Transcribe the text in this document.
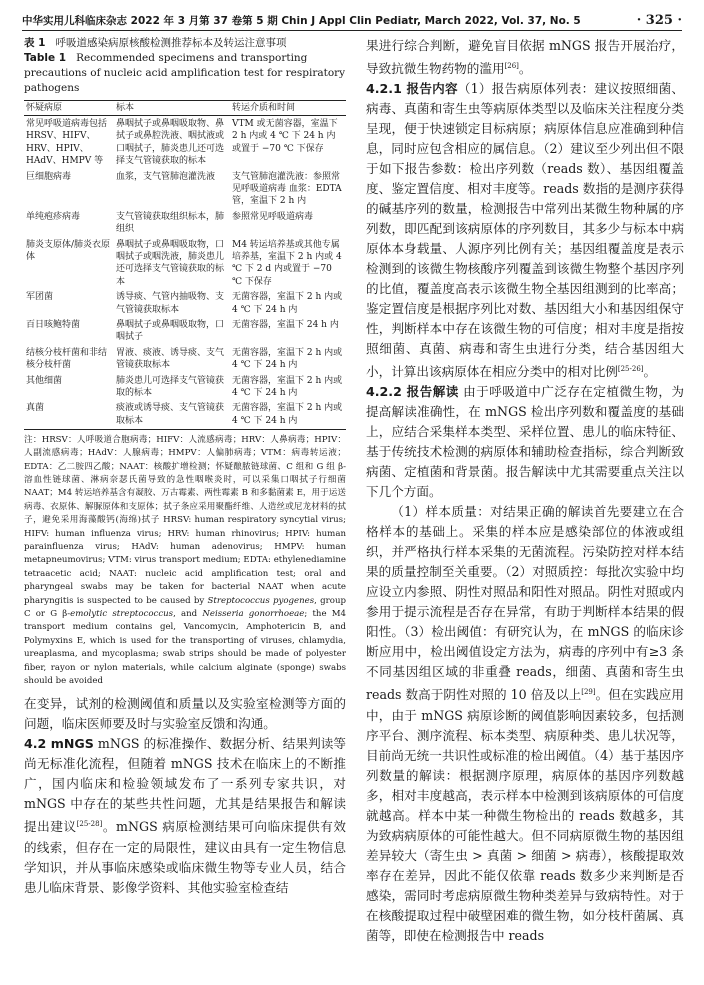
中华实用儿科临床杂志 2022 年 3 月第 37 卷第 5 期 Chin J Appl Clin Pediatr, March 2022, Vol. 37, No. 5	· 325 ·
表 1 呼吸道感染病原核酸检测推荐标本及转运注意事项
Table 1 Recommended specimens and transporting precautions of nucleic acid amplification test for respiratory pathogens
怀疑病原	标本	转运介质和时间
常见呼吸道病毒包括 HRSV、HIFV、HRV、HPIV、HAdV、HMPV 等	鼻咽拭子或鼻咽吸取物、鼻拭子或鼻腔洗液、咽拭液或口咽拭子，肺炎患儿还可选择支气管镜获取的标本	VTM 或无菌容器，室温下 2 h 内或 4 ℃ 下 24 h 内或置于 −70 ℃ 下保存
巨细胞病毒	血浆，支气管肺泡灌洗液	支气管肺泡灌洗液：参照常见呼吸道病毒 血浆：EDTA 管，室温下 2 h 内
单纯疱疹病毒	支气管镜获取组织标本，肺组织	参照常见呼吸道病毒
肺炎支原体/肺炎衣原体	鼻咽拭子或鼻咽吸取物，口咽拭子或咽洗液，肺炎患儿还可选择支气管镜获取的标本	M4 转运培养基或其他专属培养基，室温下 2 h 内或 4 ℃ 下 2 d 内或置于 −70 ℃ 下保存
军团菌	诱导痰、气管内抽吸物、支气管镜获取标本	无菌容器，室温下 2 h 内或 4 ℃ 下 24 h 内
百日咳鲍特菌	鼻咽拭子或鼻咽吸取物，口咽拭子	无菌容器，室温下 24 h 内
结核分枝杆菌和非结核分枝杆菌	胃液、痰液、诱导痰、支气管镜获取标本	无菌容器，室温下 2 h 内或 4 ℃ 下 24 h 内
其他细菌	肺炎患儿可选择支气管镜获取的标本	无菌容器，室温下 2 h 内或 4 ℃ 下 24 h 内
真菌	痰液或诱导痰、支气管镜获取标本	无菌容器，室温下 2 h 内或 4 ℃ 下 24 h 内
注：HRSV：人呼吸道合胞病毒；HIFV：人流感病毒；HRV：人鼻病毒；HPIV：人副流感病毒；HAdV：人腺病毒；HMPV：人偏肺病毒；VTM：病毒转运液；EDTA：乙二胺四乙酸；NAAT：核酸扩增检测；怀疑酿脓链球菌、C 组和 G 组 β-溶血性链球菌、淋病奈瑟氏菌导致的急性咽喉炎时，可以采集口咽拭子行细菌 NAAT；M4 转运培养基含有凝胶、万古霉素、两性霉素 B 和多黏菌素 E，用于运送病毒、衣原体、解脲原体和支原体；拭子条应采用聚酯纤维、人造丝或尼龙材料的拭子，避免采用海藻酸钙(海绵)拭子 HRSV: human respiratory syncytial virus; HIFV: human influenza virus; HRV: human rhinovirus; HPIV: human parainfluenza virus; HAdV: human adenovirus; HMPV: human metapneumovirus; VTM: virus transport medium; EDTA: ethylenediamine tetraacetic acid; NAAT: nucleic acid amplification test; oral and pharyngeal swabs may be taken for bacterial NAAT when acute pharyngitis is suspected to be caused by Streptococcus pyogenes, group C or G β-emolytic streptococcus, and Neisseria gonorrhoeae; the M4 transport medium contains gel, Vancomycin, Amphotericin B, and Polymyxins E, which is used for the transporting of viruses, chlamydia, ureaplasma, and mycoplasma; swab strips should be made of polyester fiber, rayon or nylon materials, while calcium alginate (sponge) swabs should be avoided

在变异，试剂的检测阈值和质量以及实验室检测等方面的问题，临床医师要及时与实验室反馈和沟通。

4.2 mNGS mNGS 的标准操作、数据分析、结果判读等尚无标准化流程，但随着 mNGS 技术在临床上的不断推广，国内临床和检验领域发布了一系列专家共识，对 mNGS 中存在的某些共性问题，尤其是结果报告和解读提出建议[25-28]。mNGS 病原检测结果可向临床提供有效的线索，但存在一定的局限性，建议由具有一定生物信息学知识，并从事临床感染或临床微生物等专业人员，结合患儿临床背景、影像学资料、其他实验室检查结

果进行综合判断，避免盲目依据 mNGS 报告开展治疗，导致抗微生物药物的滥用[26]。

4.2.1 报告内容（1）报告病原体列表：建议按照细菌、病毒、真菌和寄生虫等病原体类型以及临床关注程度分类呈现，便于快速锁定目标病原；病原体信息应准确到种信息，同时应包含相应的属信息。（2）建议至少列出但不限于如下报告参数：检出序列数（reads 数）、基因组覆盖度、鉴定置信度、相对丰度等。reads 数指的是测序获得的碱基序列的数量，检测报告中常列出某微生物种属的序列数，即匹配到该病原体的序列数目，其多少与标本中病原体本身载量、人源序列比例有关；基因组覆盖度是表示检测到的该微生物核酸序列覆盖到该微生物整个基因序列的比值，覆盖度高表示该微生物全基因组测到的比率高；鉴定置信度是根据序列比对数、基因组大小和基因组保守性，判断样本中存在该微生物的可信度；相对丰度是指按照细菌、真菌、病毒和寄生虫进行分类，结合基因组大小，计算出该病原体在相应分类中的相对比例[25-26]。

4.2.2 报告解读 由于呼吸道中广泛存在定植微生物，为提高解读准确性，在 mNGS 检出序列数和覆盖度的基础上，应结合采集样本类型、采样位置、患儿的临床特征、基于传统技术检测的病原体和辅助检查指标，综合判断致病菌、定植菌和背景菌。报告解读中尤其需要重点关注以下几个方面。

（1）样本质量：对结果正确的解读首先要建立在合格样本的基础上。采集的样本应是感染部位的体液或组织，并严格执行样本采集的无菌流程。污染防控对样本结果的质量控制至关重要。（2）对照质控：每批次实验中均应设立内参照、阴性对照品和阳性对照品。阴性对照或内参用于提示流程是否存在异常，有助于判断样本结果的假阳性。（3）检出阈值：有研究认为，在 mNGS 的临床诊断应用中，检出阈值设定方法为，病毒的序列中有≥3 条不同基因组区域的非重叠 reads，细菌、真菌和寄生虫 reads 数高于阴性对照的 10 倍及以上[29]。但在实践应用中，由于 mNGS 病原诊断的阈值影响因素较多，包括测序平台、测序流程、标本类型、病原种类、患儿状况等，目前尚无统一共识性或标准的检出阈值。（4）基于基因序列数量的解读：根据测序原理，病原体的基因序列数越多，相对丰度越高，表示样本中检测到该病原体的可信度就越高。样本中某一种微生物检出的 reads 数越多，其为致病病原体的可能性越大。但不同病原微生物的基因组差异较大（寄生虫 > 真菌 > 细菌 > 病毒），核酸提取效率存在差异，因此不能仅依靠 reads 数多少来判断是否感染，需同时考虑病原微生物种类差异与致病特性。对于在核酸提取过程中破壁困难的微生物，如分枝杆菌属、真菌等，即使在检测报告中 reads
